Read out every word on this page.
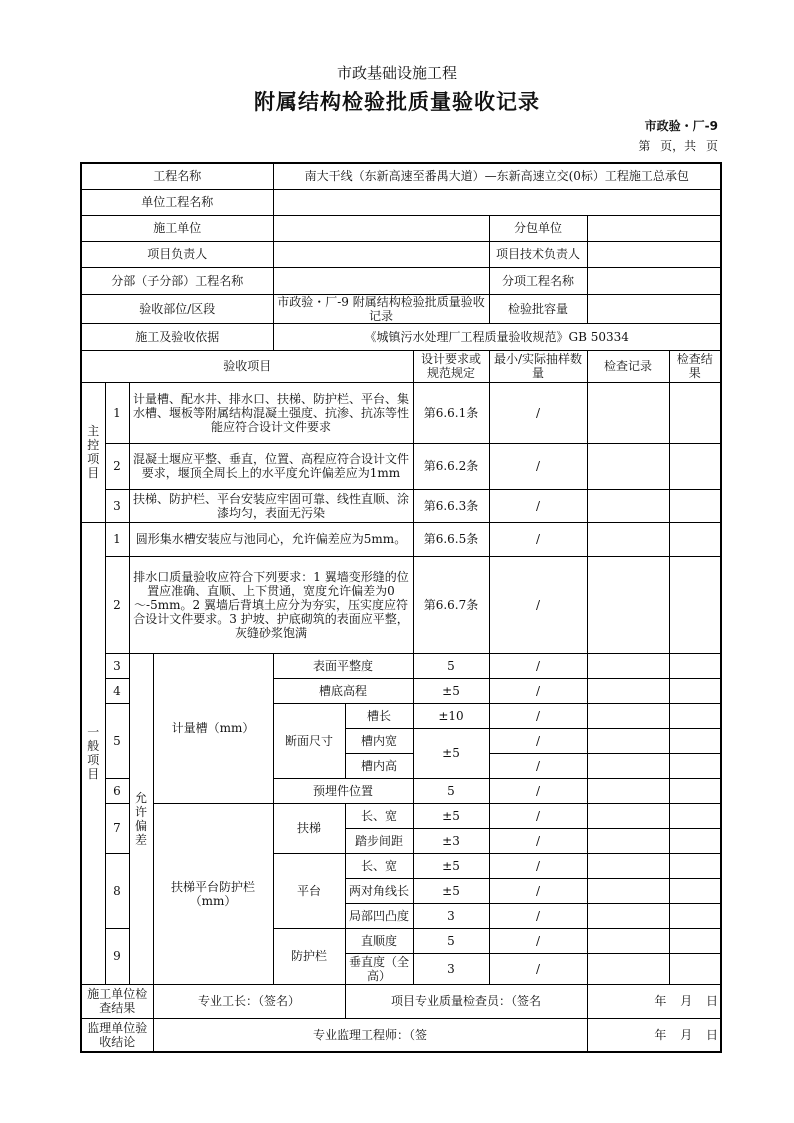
市政基础设施工程
附属结构检验批质量验收记录
市政验・厂-9
第 页，共 页
工程名称				南大干线（东新高速至番禺大道）—东新高速立交(0标）工程施工总承包					
单位工程名称									
施工单位							分包单位		
项目负责人							项目技术负责人		
分部（子分部）工程名称							分项工程名称		
验收部位/区段				市政验・厂-9 附属结构检验批质量验收记录			检验批容量		
施工及验收依据				《城镇污水处理厂工程质量验收规范》GB 50334					
验收项目						设计要求或规范规定	最小/实际抽样数量	检查记录	检查结果
主控项目	1	计量槽、配水井、排水口、扶梯、防护栏、平台、集水槽、堰板等附属结构混凝土强度、抗渗、抗冻等性能应符合设计文件要求				第6.6.1条	/		
	2	混凝土堰应平整、垂直，位置、高程应符合设计文件要求，堰顶全周长上的水平度允许偏差应为1mm				第6.6.2条	/		
	3	扶梯、防护栏、平台安装应牢固可靠、线性直顺、涂漆均匀，表面无污染				第6.6.3条	/		
一般项目	1	圆形集水槽安装应与池同心，允许偏差应为5mm。				第6.6.5条	/		
	2	排水口质量验收应符合下列要求：1 翼墙变形缝的位置应准确、直顺、上下贯通，宽度允许偏差为0～-5mm。2 翼墙后背填土应分为夯实，压实度应符合设计文件要求。3 护坡、护底砌筑的表面应平整，灰缝砂浆饱满				第6.6.7条	/		
	3	允许偏差	计量槽（mm）	表面平整度		5	/		
	4			槽底高程		±5	/		
	5			断面尺寸	槽长	±10	/		
					槽内宽	±5	/		
					槽内高		/		
	6			预埋件位置		5	/		
	7		扶梯平台防护栏（mm）	扶梯	长、宽	±5	/		
					踏步间距	±3	/		
	8			平台	长、宽	±5	/		
					两对角线长	±5	/		
					局部凹凸度	3	/		
	9			防护栏	直顺度	5	/		
					垂直度（全高）	3	/		
施工单位检查结果			专业工长：（签名）		项目专业质量检查员：（签名			年 月 日	
监理单位验收结论			专业监理工程师：（签					年 月 日	
